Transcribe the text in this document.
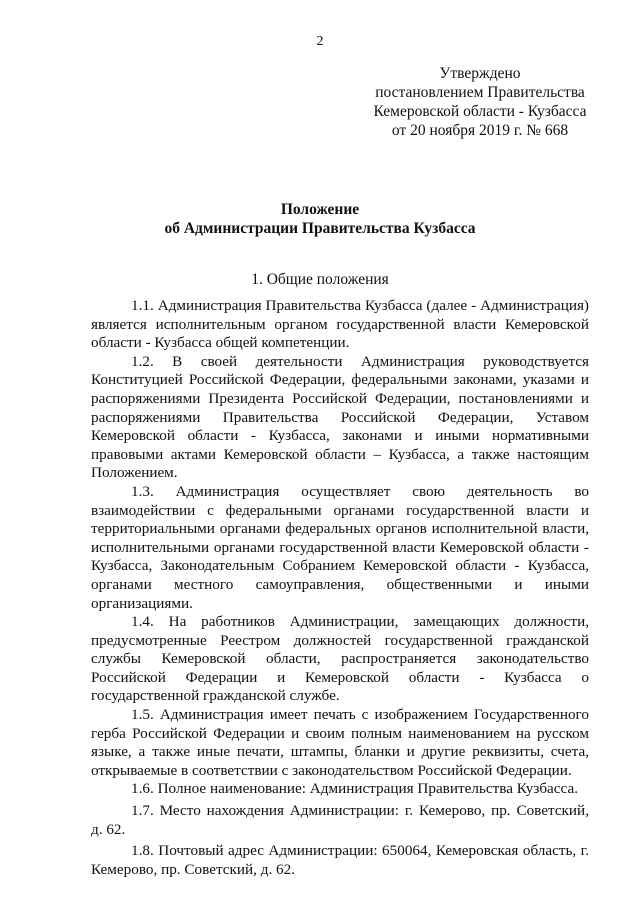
2
Утверждено
постановлением Правительства
Кемеровской области - Кузбасса
от 20 ноября 2019 г. № 668
Положение
об Администрации Правительства Кузбасса
1. Общие положения

1.1. Администрация Правительства Кузбасса (далее - Администрация) является исполнительным органом государственной власти Кемеровской области - Кузбасса общей компетенции.

1.2. В своей деятельности Администрация руководствуется Конституцией Российской Федерации, федеральными законами, указами и распоряжениями Президента Российской Федерации, постановлениями и распоряжениями Правительства Российской Федерации, Уставом Кемеровской области - Кузбасса, законами и иными нормативными правовыми актами Кемеровской области – Кузбасса, а также настоящим Положением.

1.3. Администрация осуществляет свою деятельность во взаимодействии с федеральными органами государственной власти и территориальными органами федеральных органов исполнительной власти, исполнительными органами государственной власти Кемеровской области - Кузбасса, Законодательным Собранием Кемеровской области - Кузбасса, органами местного самоуправления, общественными и иными организациями.

1.4. На работников Администрации, замещающих должности, предусмотренные Реестром должностей государственной гражданской службы Кемеровской области, распространяется законодательство Российской Федерации и Кемеровской области - Кузбасса о государственной гражданской службе.

1.5. Администрация имеет печать с изображением Государственного герба Российской Федерации и своим полным наименованием на русском языке, а также иные печати, штампы, бланки и другие реквизиты, счета, открываемые в соответствии с законодательством Российской Федерации.

1.6. Полное наименование: Администрация Правительства Кузбасса.

1.7. Место нахождения Администрации: г. Кемерово, пр. Советский, д. 62.

1.8. Почтовый адрес Администрации: 650064, Кемеровская область, г. Кемерово, пр. Советский, д. 62.
